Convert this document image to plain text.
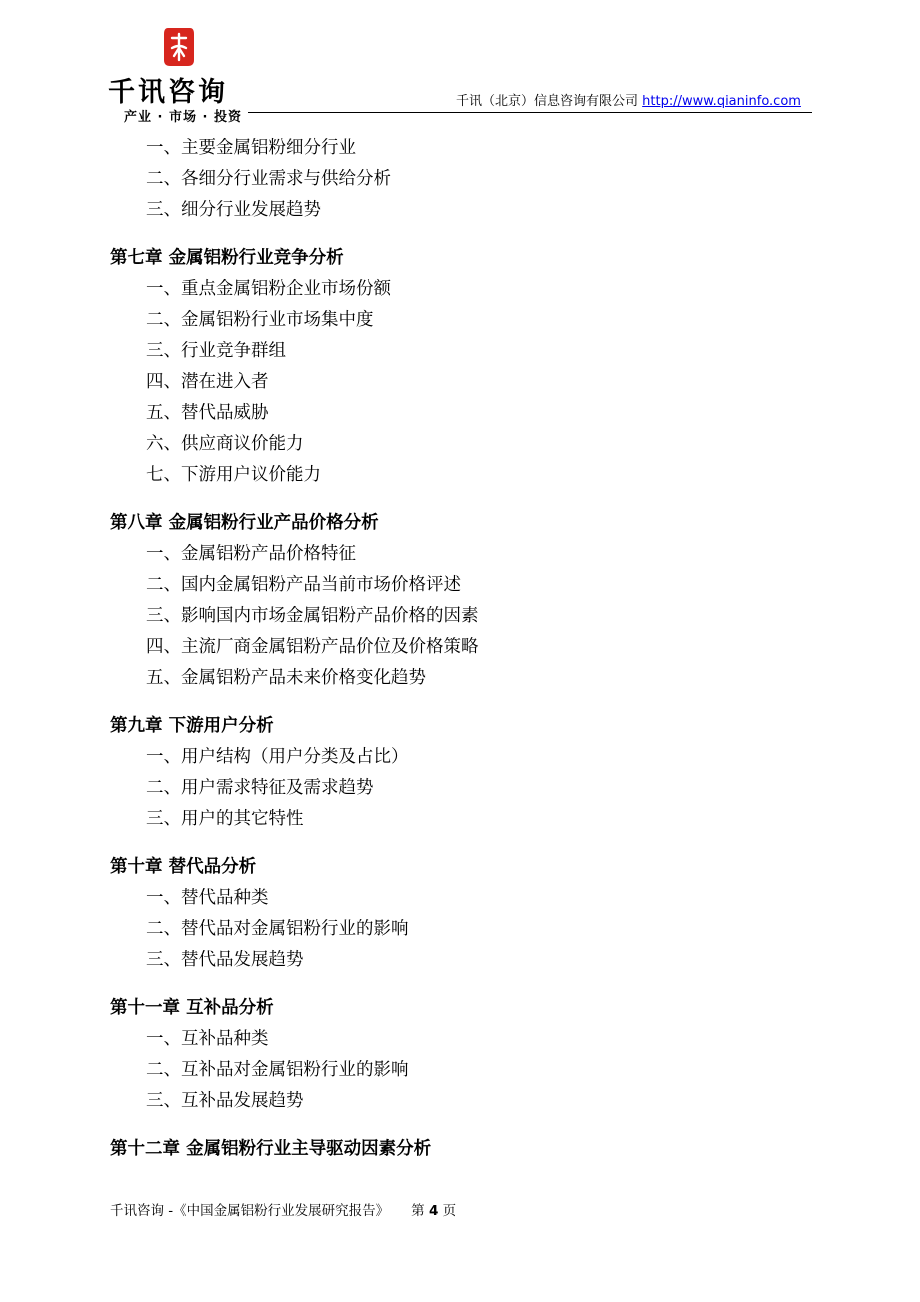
千讯咨询
产业 · 市场 · 投资
千讯（北京）信息咨询有限公司 http://www.qianinfo.com
一、主要金属铝粉细分行业
二、各细分行业需求与供给分析
三、细分行业发展趋势
第七章 金属铝粉行业竞争分析
一、重点金属铝粉企业市场份额
二、金属铝粉行业市场集中度
三、行业竞争群组
四、潜在进入者
五、替代品威胁
六、供应商议价能力
七、下游用户议价能力
第八章 金属铝粉行业产品价格分析
一、金属铝粉产品价格特征
二、国内金属铝粉产品当前市场价格评述
三、影响国内市场金属铝粉产品价格的因素
四、主流厂商金属铝粉产品价位及价格策略
五、金属铝粉产品未来价格变化趋势
第九章 下游用户分析
一、用户结构（用户分类及占比）
二、用户需求特征及需求趋势
三、用户的其它特性
第十章 替代品分析
一、替代品种类
二、替代品对金属铝粉行业的影响
三、替代品发展趋势
第十一章 互补品分析
一、互补品种类
二、互补品对金属铝粉行业的影响
三、互补品发展趋势
第十二章 金属铝粉行业主导驱动因素分析
千讯咨询 -《中国金属铝粉行业发展研究报告》 第 4 页
